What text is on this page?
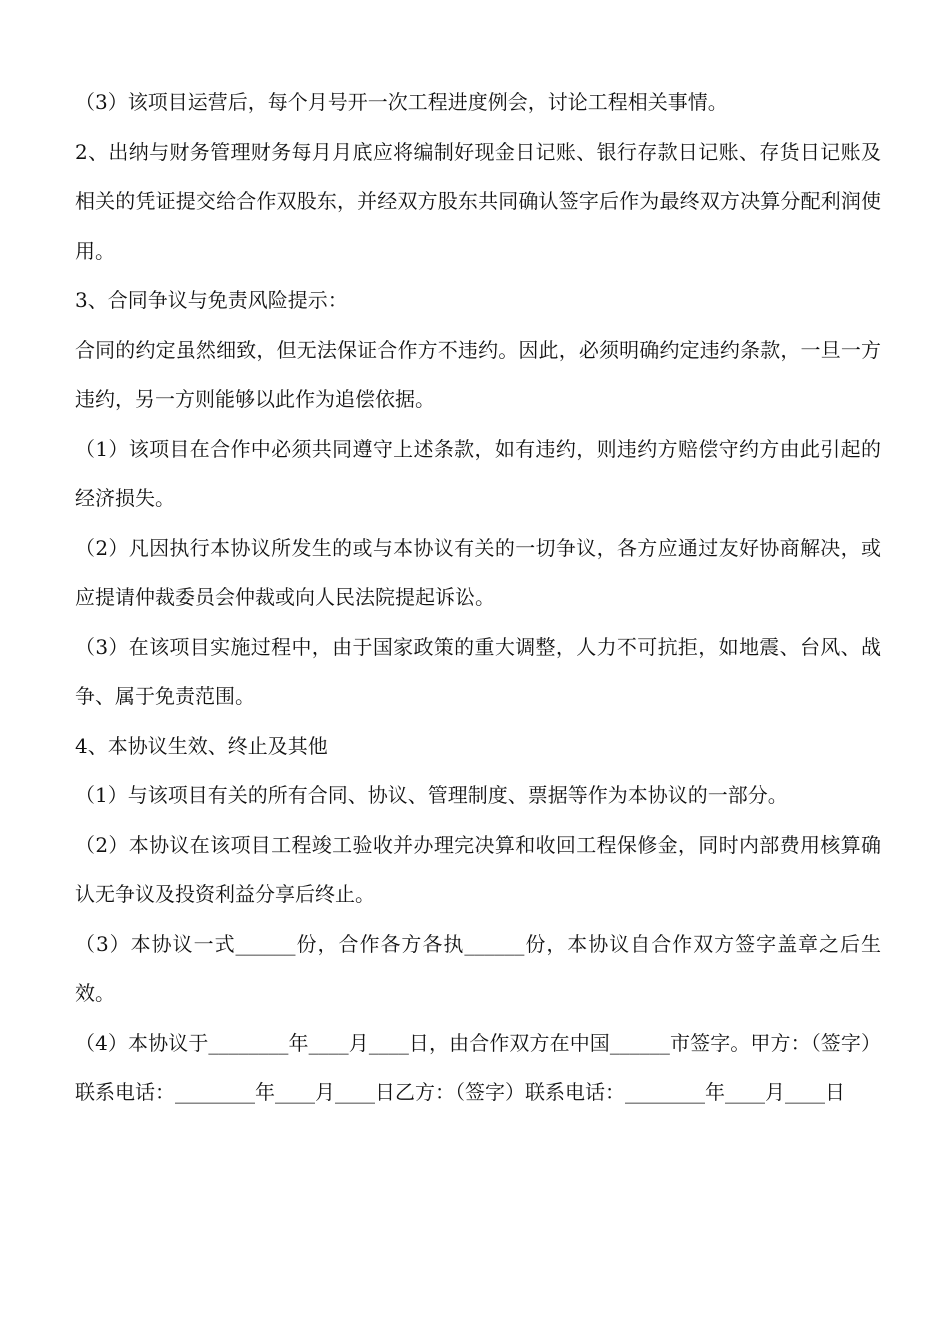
（3）该项目运营后，每个月号开一次工程进度例会，讨论工程相关事情。

2、出纳与财务管理财务每月月底应将编制好现金日记账、银行存款日记账、存货日记账及相关的凭证提交给合作双股东，并经双方股东共同确认签字后作为最终双方决算分配利润使用。

3、合同争议与免责风险提示：

合同的约定虽然细致，但无法保证合作方不违约。因此，必须明确约定违约条款，一旦一方违约，另一方则能够以此作为追偿依据。

（1）该项目在合作中必须共同遵守上述条款，如有违约，则违约方赔偿守约方由此引起的经济损失。

（2）凡因执行本协议所发生的或与本协议有关的一切争议，各方应通过友好协商解决，或应提请仲裁委员会仲裁或向人民法院提起诉讼。

（3）在该项目实施过程中，由于国家政策的重大调整，人力不可抗拒，如地震、台风、战争、属于免责范围。

4、本协议生效、终止及其他

（1）与该项目有关的所有合同、协议、管理制度、票据等作为本协议的一部分。

（2）本协议在该项目工程竣工验收并办理完决算和收回工程保修金，同时内部费用核算确认无争议及投资利益分享后终止。

（3）本协议一式______份，合作各方各执______份，本协议自合作双方签字盖章之后生效。

（4）本协议于________年____月____日，由合作双方在中国______市签字。甲方：（签字）联系电话：________年____月____日乙方：（签字）联系电话：________年____月____日
